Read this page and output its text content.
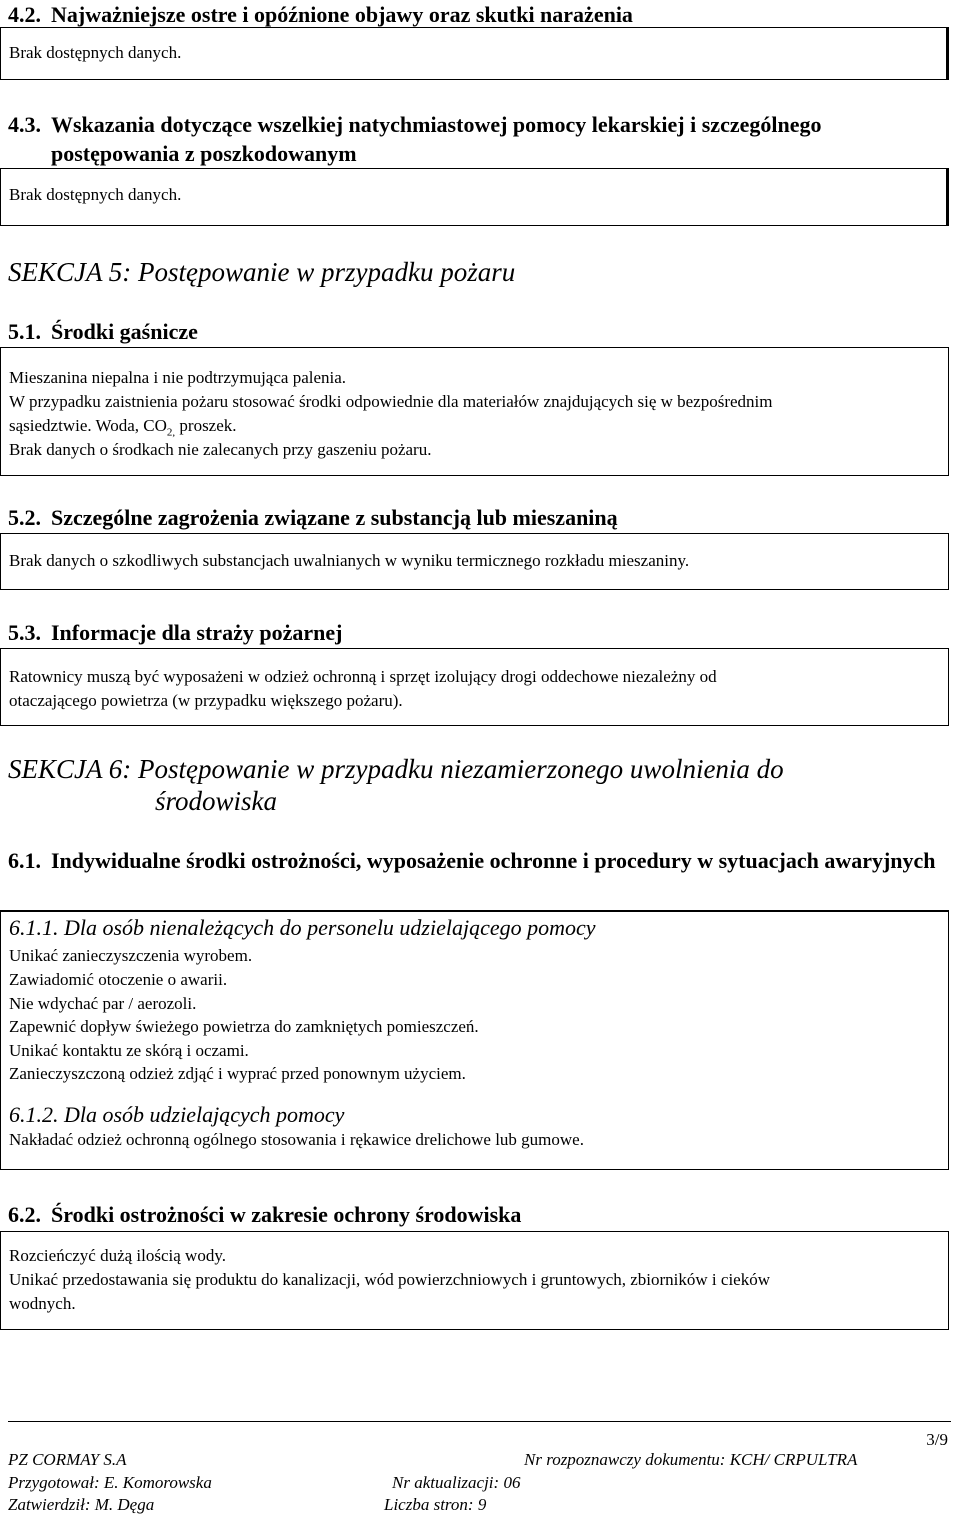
4.2. Najważniejsze ostre i opóźnione objawy oraz skutki narażenia

Brak dostępnych danych.

4.3. Wskazania dotyczące wszelkiej natychmiastowej pomocy lekarskiej i szczególnego postępowania z poszkodowanym

Brak dostępnych danych.

SEKCJA 5: Postępowanie w przypadku pożaru
5.1. Środki gaśnicze

Mieszanina niepalna i nie podtrzymująca palenia.

W przypadku zaistnienia pożaru stosować środki odpowiednie dla materiałów znajdujących się w bezpośrednim

sąsiedztwie. Woda, $CO_{2,}$ proszek.

Brak danych o środkach nie zalecanych przy gaszeniu pożaru.

5.2. Szczególne zagrożenia związane z substancją lub mieszaniną

Brak danych o szkodliwych substancjach uwalnianych w wyniku termicznego rozkładu mieszaniny.

5.3. Informacje dla straży pożarnej

Ratownicy muszą być wyposażeni w odzież ochronną i sprzęt izolujący drogi oddechowe niezależny od

otaczającego powietrza (w przypadku większego pożaru).

SEKCJA 6: Postępowanie w przypadku niezamierzonego uwolnienia do
środowiska
6.1. Indywidualne środki ostrożności, wyposażenie ochronne i procedury w sytuacjach awaryjnych

6.1.1. Dla osób nienależących do personelu udzielającego pomocy

Unikać zanieczyszczenia wyrobem.

Zawiadomić otoczenie o awarii.

Nie wdychać par / aerozoli.

Zapewnić dopływ świeżego powietrza do zamkniętych pomieszczeń.

Unikać kontaktu ze skórą i oczami.

Zanieczyszczoną odzież zdjąć i wyprać przed ponownym użyciem.

6.1.2. Dla osób udzielających pomocy

Nakładać odzież ochronną ogólnego stosowania i rękawice drelichowe lub gumowe.

6.2. Środki ostrożności w zakresie ochrony środowiska

Rozcieńczyć dużą ilością wody.

Unikać przedostawania się produktu do kanalizacji, wód powierzchniowych i gruntowych, zbiorników i cieków

wodnych.

3/9

PZ CORMAY S.A

Przygotował: E. Komorowska

Zatwierdził: M. Dęga

Nr rozpoznawczy dokumentu: KCH/ CRPULTRA

Nr aktualizacji: 06

Liczba stron: 9
